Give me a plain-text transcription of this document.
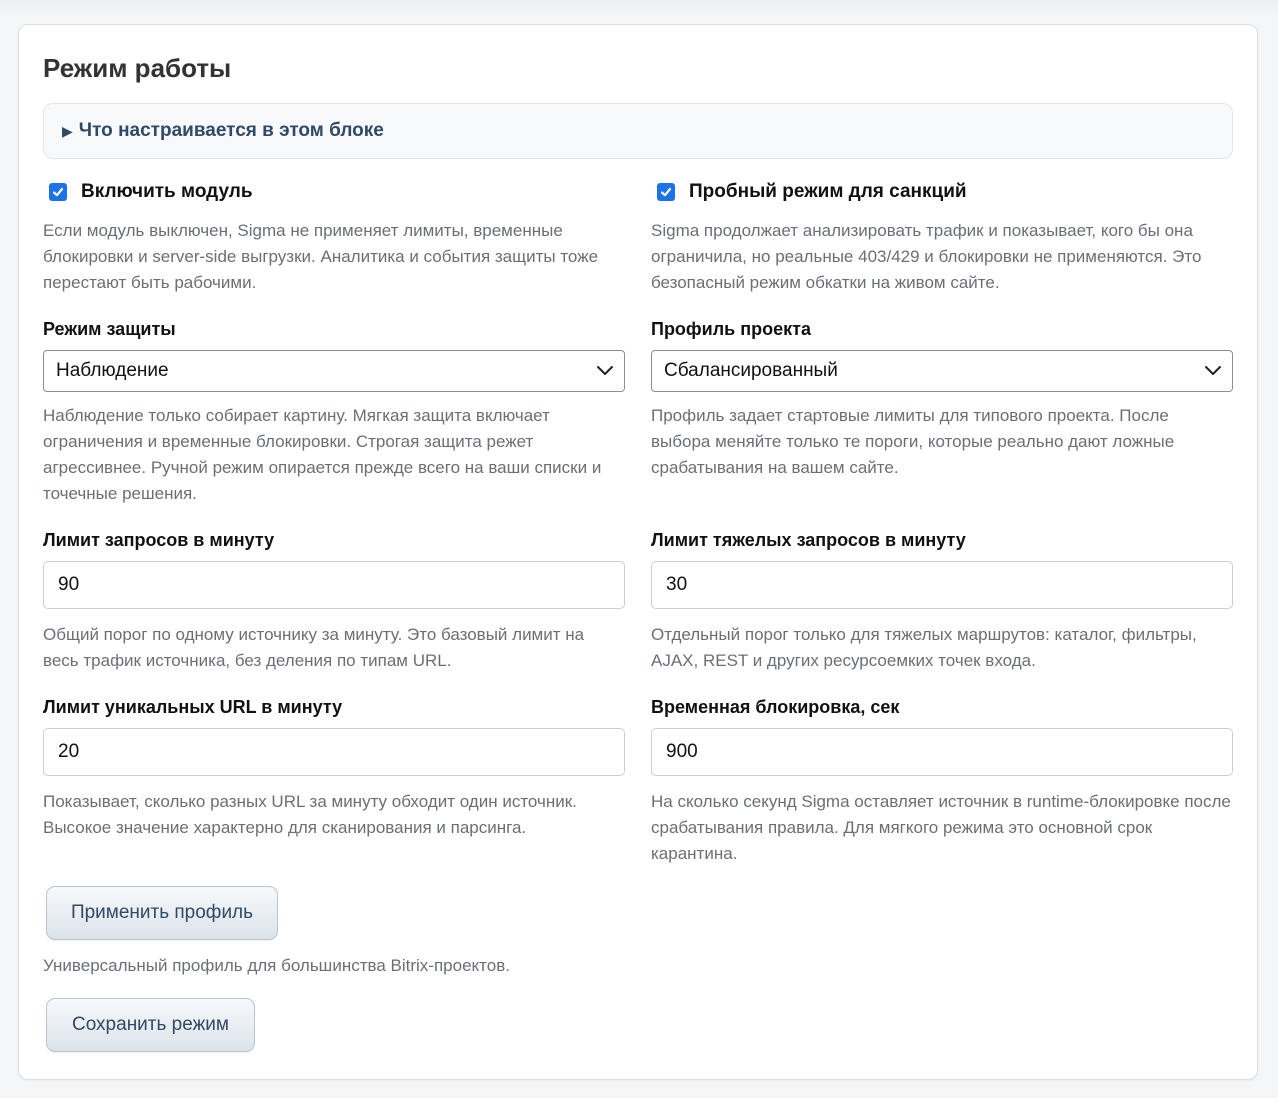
Режим работы
▶ Что настраивается в этом блоке
Включить модуль

Если модуль выключен, Sigma не применяет лимиты, временные блокировки и server-side выгрузки. Аналитика и события защиты тоже перестают быть рабочими.

Режим защиты
Наблюдение

Наблюдение только собирает картину. Мягкая защита включает ограничения и временные блокировки. Строгая защита режет агрессивнее. Ручной режим опирается прежде всего на ваши списки и точечные решения.

Лимит запросов в минуту
90

Общий порог по одному источнику за минуту. Это базовый лимит на весь трафик источника, без деления по типам URL.

Лимит уникальных URL в минуту
20

Показывает, сколько разных URL за минуту обходит один источник. Высокое значение характерно для сканирования и парсинга.

Применить профиль

Универсальный профиль для большинства Bitrix-проектов.

Сохранить режим
Пробный режим для санкций

Sigma продолжает анализировать трафик и показывает, кого бы она ограничила, но реальные 403/429 и блокировки не применяются. Это безопасный режим обкатки на живом сайте.

Профиль проекта
Сбалансированный

Профиль задает стартовые лимиты для типового проекта. После выбора меняйте только те пороги, которые реально дают ложные срабатывания на вашем сайте.

Лимит тяжелых запросов в минуту
30

Отдельный порог только для тяжелых маршрутов: каталог, фильтры, AJAX, REST и других ресурсоемких точек входа.

Временная блокировка, сек
900

На сколько секунд Sigma оставляет источник в runtime-блокировке после срабатывания правила. Для мягкого режима это основной срок карантина.
